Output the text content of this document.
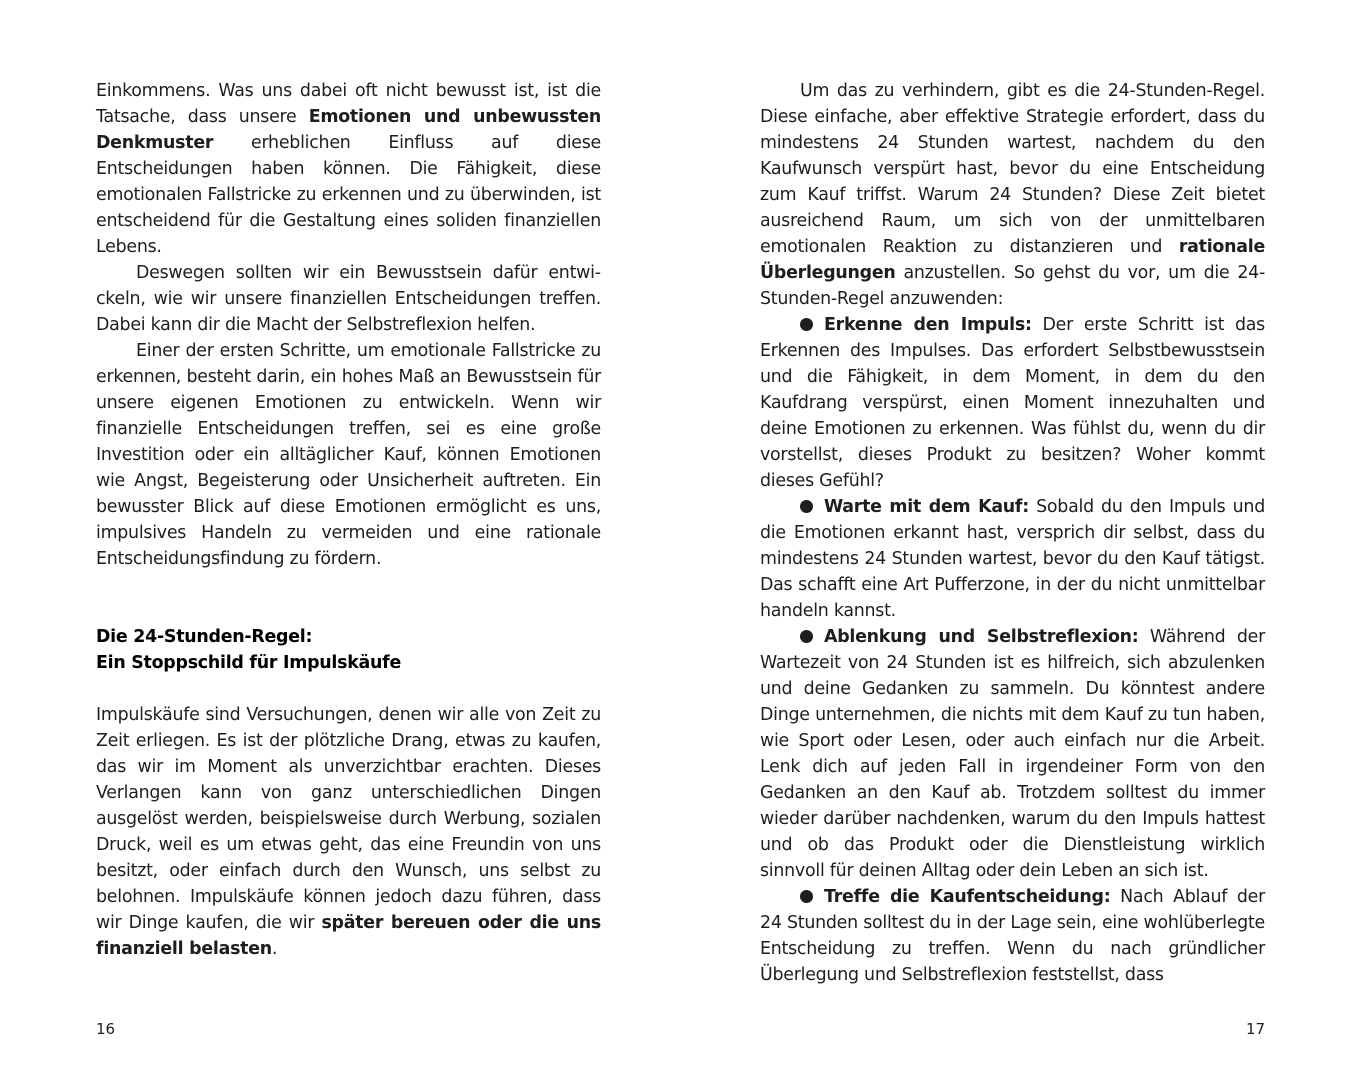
Einkommens. Was uns dabei oft nicht bewusst ist, ist die Tatsache, dass unsere Emotionen und unbewussten Denkmuster erheblichen Einfluss auf diese Entscheidungen haben können. Die Fähigkeit, diese emotionalen Fallstricke zu erkennen und zu überwinden, ist entscheidend für die Gestaltung eines soliden finanziellen Lebens.

Deswegen sollten wir ein Bewusstsein dafür entwickeln, wie wir unsere finanziellen Entscheidungen treffen. Dabei kann dir die Macht der Selbstreflexion helfen.

Einer der ersten Schritte, um emotionale Fallstricke zu erkennen, besteht darin, ein hohes Maß an Bewusstsein für unsere eigenen Emotionen zu entwickeln. Wenn wir finanzielle Entscheidungen treffen, sei es eine große Investition oder ein alltäglicher Kauf, können Emotionen wie Angst, Begeisterung oder Unsicherheit auftreten. Ein bewusster Blick auf diese Emotionen ermöglicht es uns, impulsives Handeln zu vermeiden und eine rationale Entscheidungsfindung zu fördern.

Die 24-Stunden-Regel:
Ein Stoppschild für Impulskäufe

Impulskäufe sind Versuchungen, denen wir alle von Zeit zu Zeit erliegen. Es ist der plötzliche Drang, etwas zu kaufen, das wir im Moment als unverzichtbar erachten. Dieses Verlangen kann von ganz unterschiedlichen Dingen ausgelöst werden, beispielsweise durch Werbung, sozialen Druck, weil es um etwas geht, das eine Freundin von uns besitzt, oder einfach durch den Wunsch, uns selbst zu belohnen. Impulskäufe können jedoch dazu führen, dass wir Dinge kaufen, die wir später bereuen oder die uns finanziell belasten.

Um das zu verhindern, gibt es die 24-Stunden-Regel. Diese einfache, aber effektive Strategie erfordert, dass du mindestens 24 Stunden wartest, nachdem du den Kaufwunsch verspürt hast, bevor du eine Entscheidung zum Kauf triffst. Warum 24 Stunden? Diese Zeit bietet ausreichend Raum, um sich von der unmittelbaren emotionalen Reaktion zu distanzieren und rationale Überlegungen anzustellen. So gehst du vor, um die 24-Stunden-Regel anzuwenden:

Erkenne den Impuls: Der erste Schritt ist das Erkennen des Impulses. Das erfordert Selbstbewusstsein und die Fähigkeit, in dem Moment, in dem du den Kaufdrang verspürst, einen Moment innezuhalten und deine Emotionen zu erkennen. Was fühlst du, wenn du dir vorstellst, dieses Produkt zu besitzen? Woher kommt dieses Gefühl?

Warte mit dem Kauf: Sobald du den Impuls und die Emotionen erkannt hast, versprich dir selbst, dass du mindestens 24 Stunden wartest, bevor du den Kauf tätigst. Das schafft eine Art Pufferzone, in der du nicht unmittelbar handeln kannst.

Ablenkung und Selbstreflexion: Während der Wartezeit von 24 Stunden ist es hilfreich, sich abzulenken und deine Gedanken zu sammeln. Du könntest andere Dinge unternehmen, die nichts mit dem Kauf zu tun haben, wie Sport oder Lesen, oder auch einfach nur die Arbeit. Lenk dich auf jeden Fall in irgendeiner Form von den Gedanken an den Kauf ab. Trotzdem solltest du immer wieder darüber nachdenken, warum du den Impuls hattest und ob das Produkt oder die Dienstleistung wirklich sinnvoll für deinen Alltag oder dein Leben an sich ist.

Treffe die Kaufentscheidung: Nach Ablauf der 24 Stunden solltest du in der Lage sein, eine wohlüberlegte Entscheidung zu treffen. Wenn du nach gründlicher Überlegung und Selbstreflexion feststellst, dass

16	17
